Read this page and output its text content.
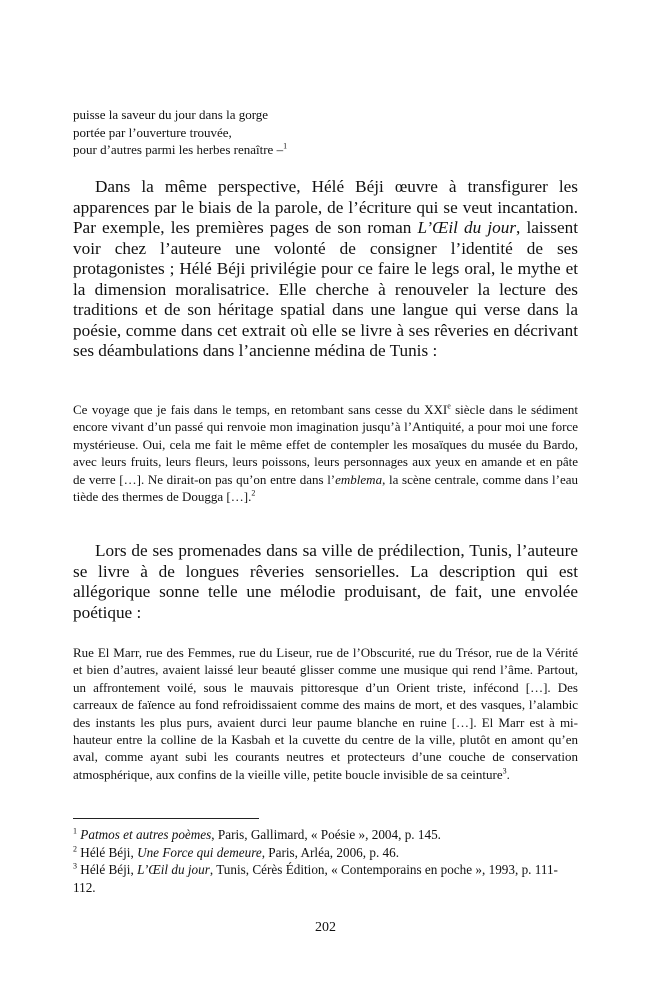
puisse la saveur du jour dans la gorge
portée par l’ouverture trouvée,
pour d’autres parmi les herbes renaître –$^1$

Dans la même perspective, Hélé Béji œuvre à transfigurer les apparences par le biais de la parole, de l’écriture qui se veut incantation. Par exemple, les premières pages de son roman L’Œil du jour, laissent voir chez l’auteure une volonté de consigner l’identité de ses protagonistes ; Hélé Béji privilégie pour ce faire le legs oral, le mythe et la dimension moralisatrice. Elle cherche à renouveler la lecture des traditions et de son héritage spatial dans une langue qui verse dans la poésie, comme dans cet extrait où elle se livre à ses rêveries en décrivant ses déambulations dans l’ancienne médina de Tunis :

Ce voyage que je fais dans le temps, en retombant sans cesse du XXIe siècle dans le sédiment encore vivant d’un passé qui renvoie mon imagination jusqu’à l’Antiquité, a pour moi une force mystérieuse. Oui, cela me fait le même effet de contempler les mosaïques du musée du Bardo, avec leurs fruits, leurs fleurs, leurs poissons, leurs personnages aux yeux en amande et en pâte de verre […]. Ne dirait-on pas qu’on entre dans l’emblema, la scène centrale, comme dans l’eau tiède des thermes de Dougga […].$^2$

Lors de ses promenades dans sa ville de prédilection, Tunis, l’auteure se livre à de longues rêveries sensorielles. La description qui est allégorique sonne telle une mélodie produisant, de fait, une envolée poétique :

Rue El Marr, rue des Femmes, rue du Liseur, rue de l’Obscurité, rue du Trésor, rue de la Vérité et bien d’autres, avaient laissé leur beauté glisser comme une musique qui rend l’âme. Partout, un affrontement voilé, sous le mauvais pittoresque d’un Orient triste, infécond […]. Des carreaux de faïence au fond refroidissaient comme des mains de mort, et des vasques, l’alambic des instants les plus purs, avaient durci leur paume blanche en ruine […]. El Marr est à mi-hauteur entre la colline de la Kasbah et la cuvette du centre de la ville, plutôt en amont qu’en aval, comme ayant subi les courants neutres et protecteurs d’une couche de conservation atmosphérique, aux confins de la vieille ville, petite boucle invisible de sa ceinture$^3$.

$^1$ Patmos et autres poèmes, Paris, Gallimard, « Poésie », 2004, p. 145.

$^2$ Hélé Béji, Une Force qui demeure, Paris, Arléa, 2006, p. 46.

$^3$ Hélé Béji, L’Œil du jour, Tunis, Cérès Édition, « Contemporains en poche », 1993, p. 111-112.

202
